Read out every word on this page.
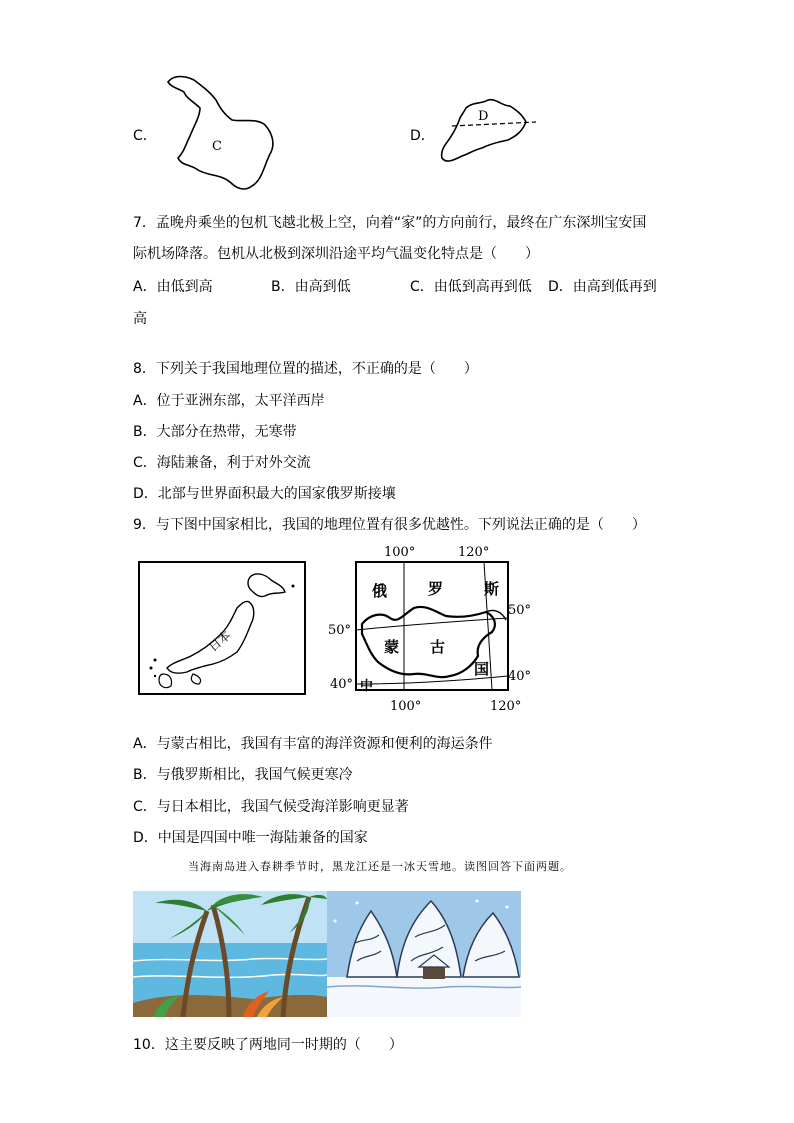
C．
C
D．
D
7．孟晚舟乘坐的包机飞越北极上空，向着“家”的方向前行，最终在广东深圳宝安国
际机场降落。包机从北极到深圳沿途平均气温变化特点是（　　）
A．由低到高	B．由高到低	C．由低到高再到低 D．由高到低再到
高
8．下列关于我国地理位置的描述，不正确的是（　　）
A．位于亚洲东部，太平洋西岸
B．大部分在热带，无寒带
C．海陆兼备，利于对外交流
D．北部与世界面积最大的国家俄罗斯接壤
9．与下图中国家相比，我国的地理位置有很多优越性。下列说法正确的是（　　）
日本
100°	120°
100°	120°
50°
50°
40°
40°
俄	罗	斯
蒙 古
国
中
A．与蒙古相比，我国有丰富的海洋资源和便利的海运条件
B．与俄罗斯相比，我国气候更寒冷
C．与日本相比，我国气候受海洋影响更显著
D．中国是四国中唯一海陆兼备的国家
当海南岛进入春耕季节时，黑龙江还是一冰天雪地。读图回答下面两题。
10．这主要反映了两地同一时期的（　　）
